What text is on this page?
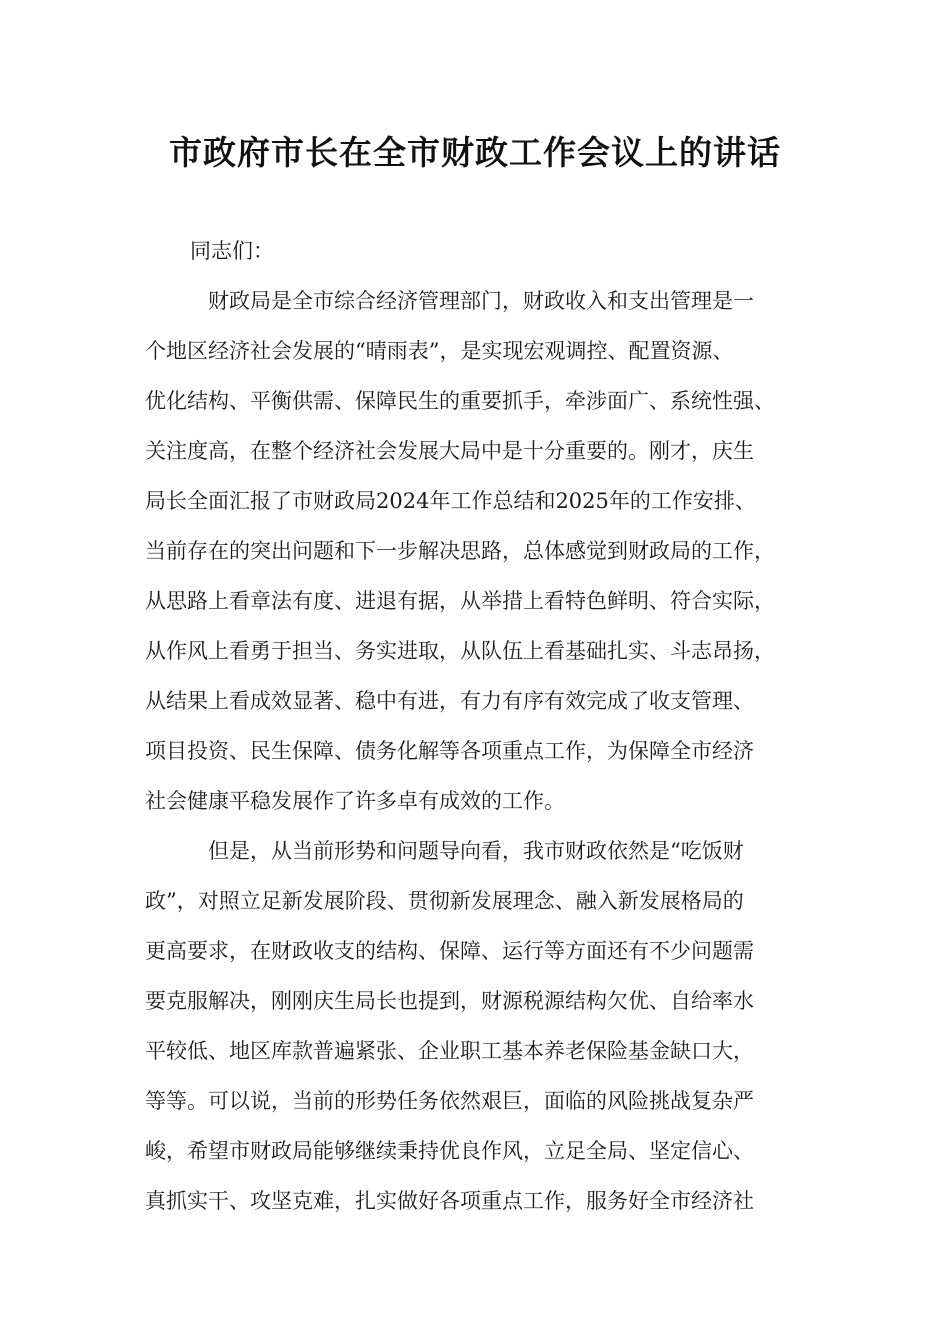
市政府市长在全市财政工作会议上的讲话

同志们：

财政局是全市综合经济管理部门，财政收入和支出管理是一

个地区经济社会发展的“晴雨表”，是实现宏观调控、配置资源、

优化结构、平衡供需、保障民生的重要抓手，牵涉面广、系统性强、

关注度高，在整个经济社会发展大局中是十分重要的。刚才，庆生

局长全面汇报了市财政局2024年工作总结和2025年的工作安排、

当前存在的突出问题和下一步解决思路，总体感觉到财政局的工作，

从思路上看章法有度、进退有据，从举措上看特色鲜明、符合实际，

从作风上看勇于担当、务实进取，从队伍上看基础扎实、斗志昂扬，

从结果上看成效显著、稳中有进，有力有序有效完成了收支管理、

项目投资、民生保障、债务化解等各项重点工作，为保障全市经济

社会健康平稳发展作了许多卓有成效的工作。

但是，从当前形势和问题导向看，我市财政依然是“吃饭财

政”，对照立足新发展阶段、贯彻新发展理念、融入新发展格局的

更高要求，在财政收支的结构、保障、运行等方面还有不少问题需

要克服解决，刚刚庆生局长也提到，财源税源结构欠优、自给率水

平较低、地区库款普遍紧张、企业职工基本养老保险基金缺口大，

等等。可以说，当前的形势任务依然艰巨，面临的风险挑战复杂严

峻，希望市财政局能够继续秉持优良作风，立足全局、坚定信心、

真抓实干、攻坚克难，扎实做好各项重点工作，服务好全市经济社
